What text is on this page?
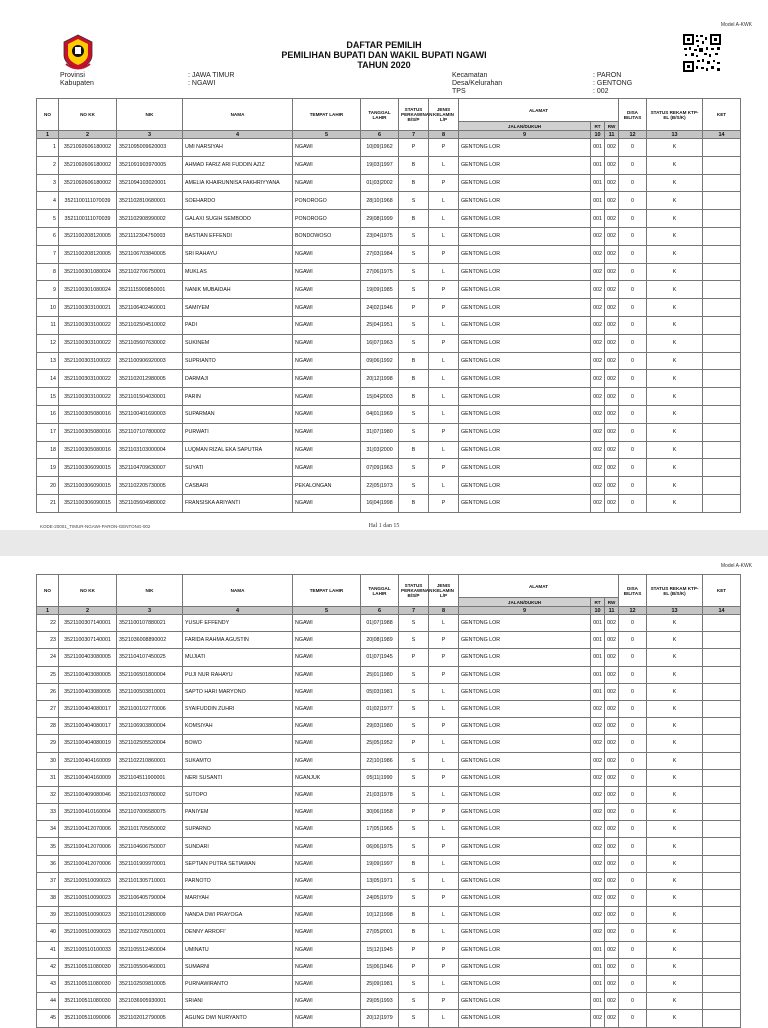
Model A-KWK
DAFTAR PEMILIH
PEMILIHAN BUPATI DAN WAKIL BUPATI NGAWI
TAHUN 2020
Provinsi	: JAWA TIMUR
Kabupaten	: NGAWI
Kecamatan	: PARON
Desa/Kelurahan	: GENTONG
TPS	: 002
NO	NO KK	NIK	NAMA	TEMPAT LAHIR	TANGGAL LAHIR	STATUS PERKAWINAN B/S/P	JENIS KELAMIN L/P	ALAMAT			DISA BILITAS	STATUS REKAM KTP-EL (B/S/K)	KET
								JALAN/DUKUH	RT	RW			
1	2	3	4	5	6	7	8	9	10	11	12	13	14
1	3521092606180002	3521095009620003	UMI NARSIYAH	NGAWI	10|09|1962	P	P	GENTONG LOR	001	002	0	K	
2	3521092606180002	3521091903970005	AHMAD FARIZ ARI FUDDIN AZIZ	NGAWI	19|03|1997	B	L	GENTONG LOR	001	002	0	K	
3	3521092606180002	3521094103020001	AMELIA KHAIRUNNISA FAKHRIYYANA	NGAWI	01|03|2002	B	P	GENTONG LOR	001	002	0	K	
4	3521100111070039	3521102810680001	SOEHARDO	PONOROGO	28|10|1968	S	L	GENTONG LOR	001	002	0	K	
5	3521100111070039	3521102908990002	GALAXI SUGIH SEMBODO	PONOROGO	29|08|1999	B	L	GENTONG LOR	001	002	0	K	
6	3521100208120005	3521112304750003	BASTIAN EFFENDI	BONDOWOSO	23|04|1975	S	L	GENTONG LOR	002	002	0	K	
7	3521100208120005	3521106703840005	SRI RAHAYU	NGAWI	27|03|1984	S	P	GENTONG LOR	002	002	0	K	
8	3521100301080024	3521102706750001	MUKLAS	NGAWI	27|06|1975	S	L	GENTONG LOR	002	002	0	K	
9	3521100301080024	3521115909850001	NANIK MUBAIDAH	NGAWI	19|09|1985	S	P	GENTONG LOR	002	002	0	K	
10	3521100303100021	3521106402460001	SAMIYEM	NGAWI	24|02|1946	P	P	GENTONG LOR	002	002	0	K	
11	3521100303100022	3521102504510002	PADI	NGAWI	25|04|1951	S	L	GENTONG LOR	002	002	0	K	
12	3521100303100022	3521105607630002	SUKINEM	NGAWI	16|07|1963	S	P	GENTONG LOR	002	002	0	K	
13	3521100303100022	3521100906920003	SUPRIANTO	NGAWI	09|06|1992	B	L	GENTONG LOR	002	002	0	K	
14	3521100303100022	3521102012980005	DARMAJI	NGAWI	20|12|1998	B	L	GENTONG LOR	002	002	0	K	
15	3521100303100022	3521101504030001	PARIN	NGAWI	15|04|2003	B	L	GENTONG LOR	002	002	0	K	
16	3521100305080016	3521100401690003	SUPARMAN	NGAWI	04|01|1969	S	L	GENTONG LOR	002	002	0	K	
17	3521100305080016	3521107107800002	PURWATI	NGAWI	31|07|1980	S	P	GENTONG LOR	002	002	0	K	
18	3521100305080016	3521103103000004	LUQMAN RIZAL EKA SAPUTRA	NGAWI	31|03|2000	B	L	GENTONG LOR	002	002	0	K	
19	3521100306090015	3521104709630007	SUYATI	NGAWI	07|09|1963	S	P	GENTONG LOR	002	002	0	K	
20	3521100306090015	3521102205730005	CASBARI	PEKALONGAN	22|05|1973	S	L	GENTONG LOR	002	002	0	K	
21	3521100306090015	3521105604980002	FRANSISKA ARIYANTI	NGAWI	16|04|1998	B	P	GENTONG LOR	002	002	0	K	
KODE-20001_TIMUR-NGAWI-PARON-GENTONG-002	Hal 1 dan 15
Model A-KWK
NO	NO KK	NIK	NAMA	TEMPAT LAHIR	TANGGAL LAHIR	STATUS PERKAWINAN B/S/P	JENIS KELAMIN L/P	ALAMAT			DISA BILITAS	STATUS REKAM KTP-EL (B/S/K)	KET
								JALAN/DUKUH	RT	RW			
1	2	3	4	5	6	7	8	9	10	11	12	13	14
22	3521100307140001	3521100107880021	YUSUF EFFENDY	NGAWI	01|07|1988	S	L	GENTONG LOR	001	002	0	K	
23	3521100307140001	3521036008890002	FARIDA RAHMA AGUSTIN	NGAWI	20|08|1989	S	P	GENTONG LOR	001	002	0	K	
24	3521100403080005	3521104107450025	MUJIATI	NGAWI	01|07|1945	P	P	GENTONG LOR	001	002	0	K	
25	3521100403080005	3521106501800004	PUJI NUR RAHAYU	NGAWI	25|01|1980	S	P	GENTONG LOR	001	002	0	K	
26	3521100403080005	3521100503810001	SAPTO HARI MARYONO	NGAWI	05|03|1981	S	L	GENTONG LOR	001	002	0	K	
27	3521100404080017	3521100102770006	SYAIFUDDIN ZUHRI	NGAWI	01|02|1977	S	L	GENTONG LOR	002	002	0	K	
28	3521100404080017	3521106903800004	KOMSIYAH	NGAWI	29|03|1980	S	P	GENTONG LOR	002	002	0	K	
29	3521100404080019	3521102505520004	BOWO	NGAWI	25|05|1952	P	L	GENTONG LOR	002	002	0	K	
30	3521100404160009	3521102210860001	SUKAMTO	NGAWI	22|10|1986	S	L	GENTONG LOR	002	002	0	K	
31	3521100404160009	3521104511900001	NERI SUSANTI	NGANJUK	05|11|1990	S	P	GENTONG LOR	002	002	0	K	
32	3521100409080046	3521102103780002	SUTOPO	NGAWI	21|03|1978	S	L	GENTONG LOR	002	002	0	K	
33	3521100410160004	3521107006580075	PANIYEM	NGAWI	30|06|1958	P	P	GENTONG LOR	002	002	0	K	
34	3521100412070006	3521101705650002	SUPARNO	NGAWI	17|05|1965	S	L	GENTONG LOR	002	002	0	K	
35	3521100412070006	3521104606750007	SUNDARI	NGAWI	06|06|1975	S	P	GENTONG LOR	002	002	0	K	
36	3521100412070006	3521101909970001	SEPTIAN PUTRA SETIAWAN	NGAWI	19|09|1997	B	L	GENTONG LOR	002	002	0	K	
37	3521100510090023	3521101305710001	PARNOTO	NGAWI	13|05|1971	S	L	GENTONG LOR	002	002	0	K	
38	3521100510090023	3521106405790004	MARIYAH	NGAWI	24|05|1979	S	P	GENTONG LOR	002	002	0	K	
39	3521100510090023	3521101012980009	NANDA DWI PRAYOGA	NGAWI	10|12|1998	B	L	GENTONG LOR	002	002	0	K	
40	3521100510090023	3521102705010001	DENNY ARROFI'	NGAWI	27|05|2001	B	L	GENTONG LOR	002	002	0	K	
41	3521100510100033	3521105512450004	UMINATU	NGAWI	15|12|1945	P	P	GENTONG LOR	001	002	0	K	
42	3521100511080030	3521105506460001	SUMARNI	NGAWI	15|06|1946	P	P	GENTONG LOR	001	002	0	K	
43	3521100511080030	3521102509810005	PURNAWIRANTO	NGAWI	25|09|1981	S	L	GENTONG LOR	001	002	0	K	
44	3521100511080030	3521036905930001	SRIANI	NGAWI	29|05|1993	S	P	GENTONG LOR	001	002	0	K	
45	3521100511090006	3521102012790005	AGUNG DWI NURYANTO	NGAWI	20|12|1979	S	L	GENTONG LOR	002	002	0	K	
